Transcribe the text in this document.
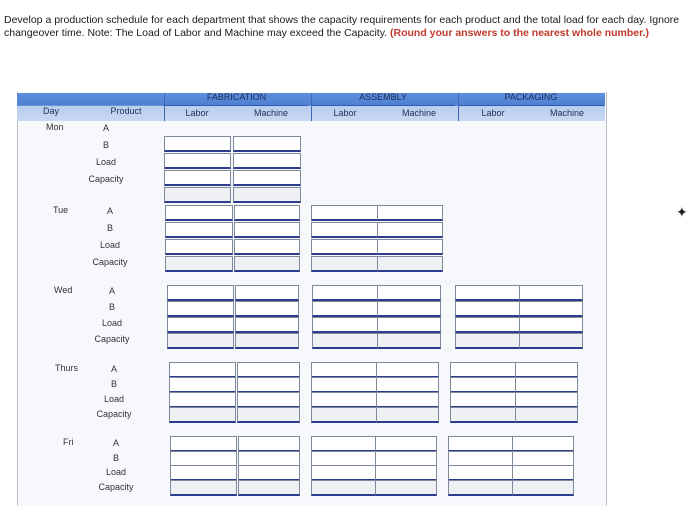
Develop a production schedule for each department that shows the capacity requirements for each product and the total load for each day. Ignore changeover time. Note: The Load of Labor and Machine may exceed the Capacity. (Round your answers to the nearest whole number.)
Day	Product
FABRICATION	ASSEMBLY	PACKAGING
Labor	Machine	Labor	Machine	Labor	Machine
Mon	A
B
Load
Capacity
Tue	A
B
Load
Capacity
Wed	A
B
Load
Capacity
Thurs	A
B
Load
Capacity
Fri	A
B
Load
Capacity
✦
